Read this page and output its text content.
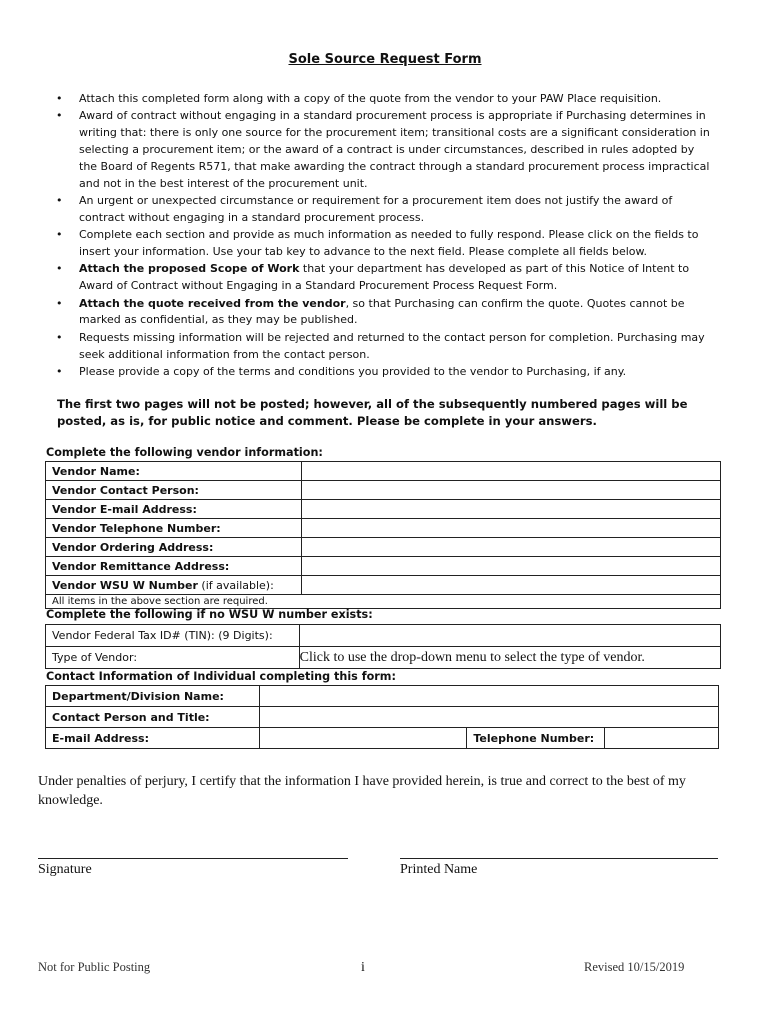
Sole Source Request Form
• Attach this completed form along with a copy of the quote from the vendor to your PAW Place requisition.
• Award of contract without engaging in a standard procurement process is appropriate if Purchasing determines in writing that: there is only one source for the procurement item; transitional costs are a significant consideration in selecting a procurement item; or the award of a contract is under circumstances, described in rules adopted by the Board of Regents R571, that make awarding the contract through a standard procurement process impractical and not in the best interest of the procurement unit.
• An urgent or unexpected circumstance or requirement for a procurement item does not justify the award of contract without engaging in a standard procurement process.
• Complete each section and provide as much information as needed to fully respond. Please click on the fields to insert your information. Use your tab key to advance to the next field. Please complete all fields below.
• Attach the proposed Scope of Work that your department has developed as part of this Notice of Intent to Award of Contract without Engaging in a Standard Procurement Process Request Form.
• Attach the quote received from the vendor, so that Purchasing can confirm the quote. Quotes cannot be marked as confidential, as they may be published.
• Requests missing information will be rejected and returned to the contact person for completion. Purchasing may seek additional information from the contact person.
• Please provide a copy of the terms and conditions you provided to the vendor to Purchasing, if any.
The first two pages will not be posted; however, all of the subsequently numbered pages will be posted, as is, for public notice and comment. Please be complete in your answers.
Complete the following vendor information:
Vendor Name:	
Vendor Contact Person:	
Vendor E-mail Address:	
Vendor Telephone Number:	
Vendor Ordering Address:	
Vendor Remittance Address:	
Vendor WSU W Number (if available):	
All items in the above section are required.	
Complete the following if no WSU W number exists:
Vendor Federal Tax ID# (TIN): (9 Digits):	
Type of Vendor:	Click to use the drop-down menu to select the type of vendor.
Contact Information of Individual completing this form:
Department/Division Name:			
Contact Person and Title:			
E-mail Address:		Telephone Number:	
Under penalties of perjury, I certify that the information I have provided herein, is true and correct to the best of my knowledge.
Signature	Printed Name
Not for Public Posting	i	Revised 10/15/2019
